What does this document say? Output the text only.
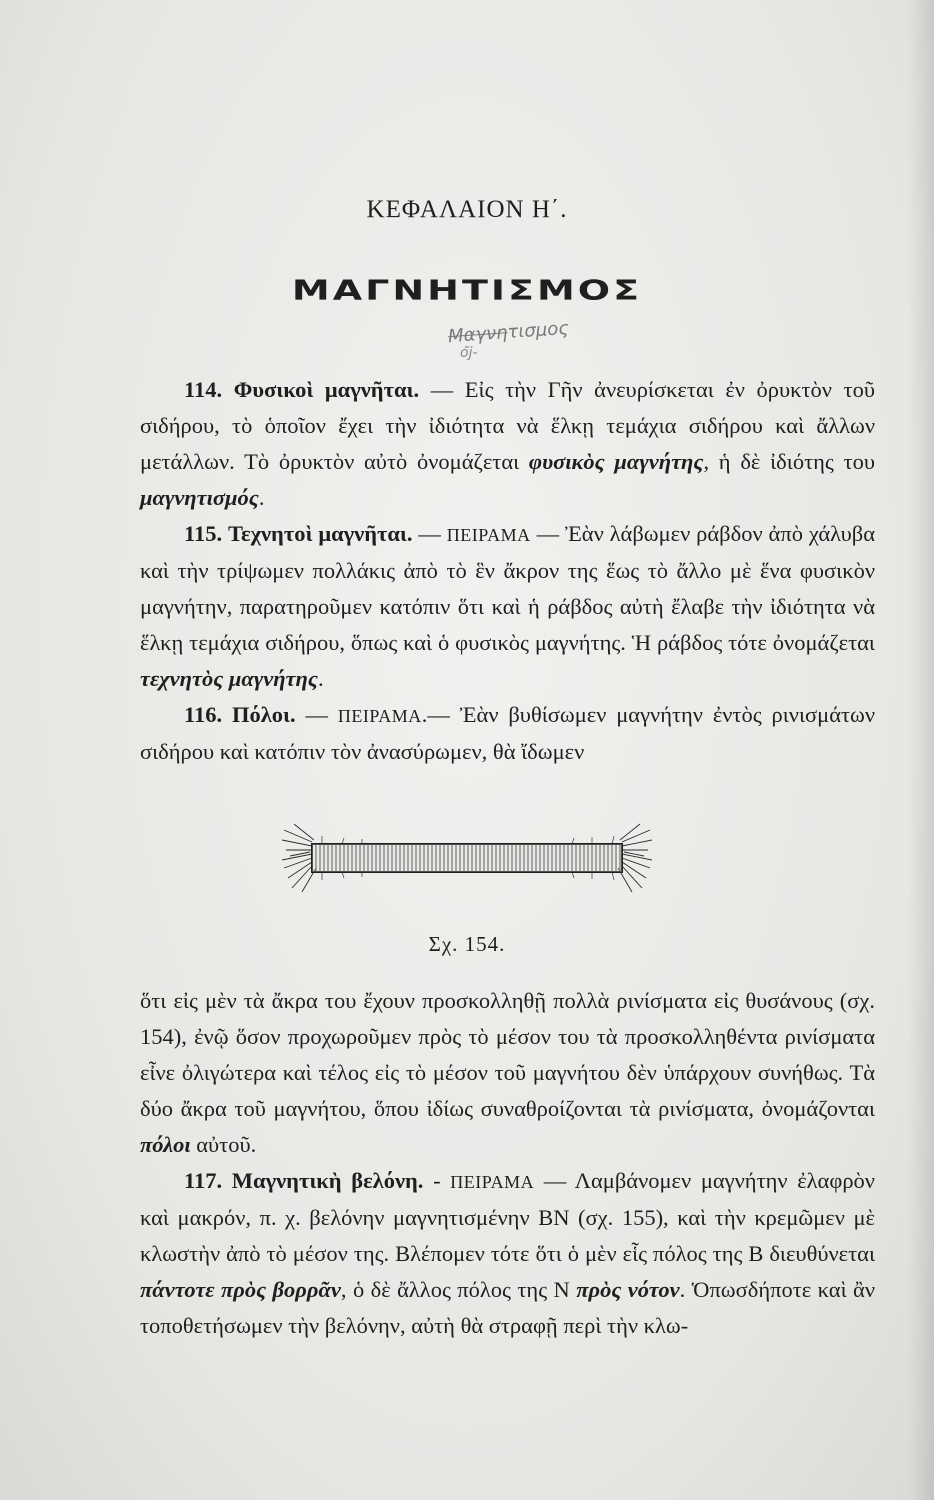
ΚΕΦΑΛΑΙΟΝ Η΄.
ΜΑΓΝΗΤΙΣΜΟΣ
Μαγνητισμος
ο̃ϳ-

114. Φυσικοὶ μαγνῆται. — Εἰς τὴν Γῆν ἀνευρίσκεται ἐν ὀρυκτὸν τοῦ σιδήρου, τὸ ὁποῖον ἔχει τὴν ἰδιότητα νὰ ἕλκῃ τεμάχια σιδήρου καὶ ἄλλων μετάλλων. Τὸ ὀρυκτὸν αὐτὸ ὀνομάζεται φυσικὸς μαγνήτης, ἡ δὲ ἰδιότης του μαγνητισμός.

115. Τεχνητοὶ μαγνῆται. — ΠΕΙΡΑΜΑ — Ἐὰν λάβωμεν ράβδον ἀπὸ χάλυβα καὶ τὴν τρίψωμεν πολλάκις ἀπὸ τὸ ἓν ἄκρον της ἕως τὸ ἄλλο μὲ ἕνα φυσικὸν μαγνήτην, παρατηροῦμεν κατόπιν ὅτι καὶ ἡ ράβδος αὐτὴ ἔλαβε τὴν ἰδιότητα νὰ ἕλκῃ τεμάχια σιδήρου, ὅπως καὶ ὁ φυσικὸς μαγνήτης. Ἡ ράβδος τότε ὀνομάζεται τεχνητὸς μαγνήτης.

116. Πόλοι. — ΠΕΙΡΑΜΑ.— Ἐὰν βυθίσωμεν μαγνήτην ἐντὸς ρινισμάτων σιδήρου καὶ κατόπιν τὸν ἀνασύρωμεν, θὰ ἴδωμεν

Σχ. 154.

ὅτι εἰς μὲν τὰ ἄκρα του ἔχουν προσκολληθῇ πολλὰ ρινίσματα εἰς θυσάνους (σχ. 154), ἐνῷ ὅσον προχωροῦμεν πρὸς τὸ μέσον του τὰ προσκολληθέντα ρινίσματα εἶνε ὀλιγώτερα καὶ τέλος εἰς τὸ μέσον τοῦ μαγνήτου δὲν ὑπάρχουν συνήθως. Τὰ δύο ἄκρα τοῦ μαγνήτου, ὅπου ἰδίως συναθροίζονται τὰ ρινίσματα, ὀνομάζονται πόλοι αὐτοῦ.

117. Μαγνητικὴ βελόνη. - ΠΕΙΡΑΜΑ — Λαμβάνομεν μαγνήτην ἐλαφρὸν καὶ μακρόν, π. χ. βελόνην μαγνητισμένην ΒΝ (σχ. 155), καὶ τὴν κρεμῶμεν μὲ κλωστὴν ἀπὸ τὸ μέσον της. Βλέπομεν τότε ὅτι ὁ μὲν εἷς πόλος της Β διευθύνεται πάντοτε πρὸς βορρᾶν, ὁ δὲ ἄλλος πόλος της Ν πρὸς νότον. Ὁπωσδήποτε καὶ ἂν τοποθετήσωμεν τὴν βελόνην, αὐτὴ θὰ στραφῇ περὶ τὴν κλω-
